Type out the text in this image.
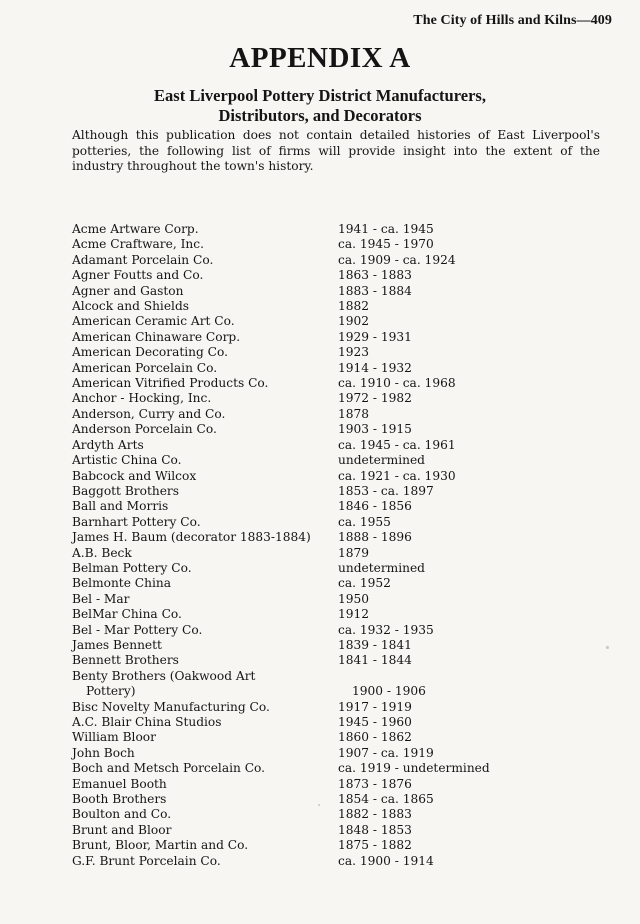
The City of Hills and Kilns—409
APPENDIX A
East Liverpool Pottery District Manufacturers,
Distributors, and Decorators
Although this publication does not contain detailed histories of East Liverpool's potteries, the following list of firms will provide insight into the extent of the industry throughout the town's history.
Acme Artware Corp.	1941 - ca. 1945
Acme Craftware, Inc.	ca. 1945 - 1970
Adamant Porcelain Co.	ca. 1909 - ca. 1924
Agner Foutts and Co.	1863 - 1883
Agner and Gaston	1883 - 1884
Alcock and Shields	1882
American Ceramic Art Co.	1902
American Chinaware Corp.	1929 - 1931
American Decorating Co.	1923
American Porcelain Co.	1914 - 1932
American Vitrified Products Co.	ca. 1910 - ca. 1968
Anchor - Hocking, Inc.	1972 - 1982
Anderson, Curry and Co.	1878
Anderson Porcelain Co.	1903 - 1915
Ardyth Arts	ca. 1945 - ca. 1961
Artistic China Co.	undetermined
Babcock and Wilcox	ca. 1921 - ca. 1930
Baggott Brothers	1853 - ca. 1897
Ball and Morris	1846 - 1856
Barnhart Pottery Co.	ca. 1955
James H. Baum (decorator 1883-1884)	1888 - 1896
A.B. Beck	1879
Belman Pottery Co.	undetermined
Belmonte China	ca. 1952
Bel - Mar	1950
BelMar China Co.	1912
Bel - Mar Pottery Co.	ca. 1932 - 1935
James Bennett	1839 - 1841
Bennett Brothers	1841 - 1844
Benty Brothers (Oakwood Art
Pottery)	1900 - 1906
Bisc Novelty Manufacturing Co.	1917 - 1919
A.C. Blair China Studios	1945 - 1960
William Bloor	1860 - 1862
John Boch	1907 - ca. 1919
Boch and Metsch Porcelain Co.	ca. 1919 - undetermined
Emanuel Booth	1873 - 1876
Booth Brothers	1854 - ca. 1865
Boulton and Co.	1882 - 1883
Brunt and Bloor	1848 - 1853
Brunt, Bloor, Martin and Co.	1875 - 1882
G.F. Brunt Porcelain Co.	ca. 1900 - 1914
